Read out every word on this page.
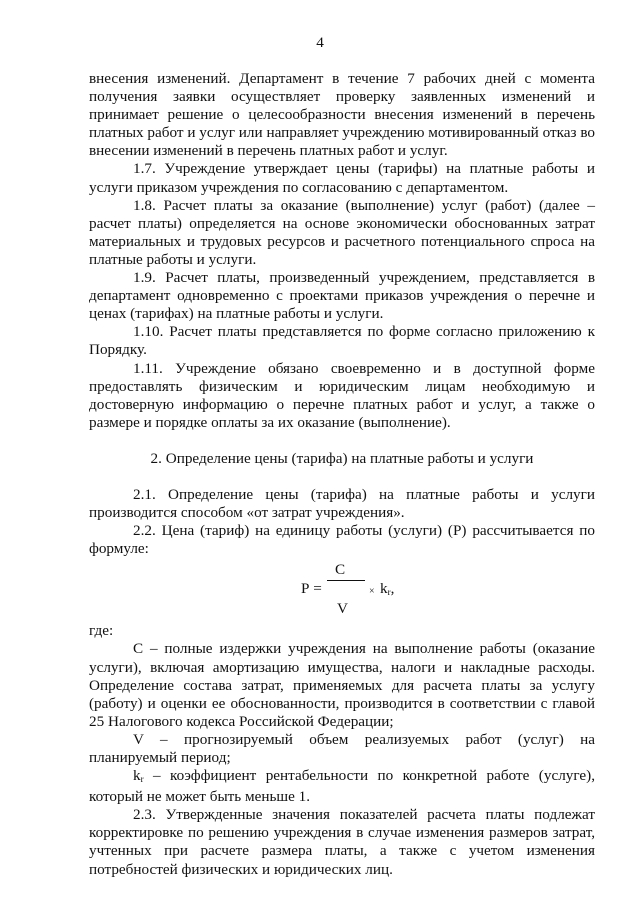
4

внесения изменений. Департамент в течение 7 рабочих дней с момента получения заявки осуществляет проверку заявленных изменений и принимает решение о целесообразности внесения изменений в перечень платных работ и услуг или направляет учреждению мотивированный отказ во внесении изменений в перечень платных работ и услуг.

1.7. Учреждение утверждает цены (тарифы) на платные работы и услуги приказом учреждения по согласованию с департаментом.

1.8. Расчет платы за оказание (выполнение) услуг (работ) (далее – расчет платы) определяется на основе экономически обоснованных затрат материальных и трудовых ресурсов и расчетного потенциального спроса на платные работы и услуги.

1.9. Расчет платы, произведенный учреждением, представляется в департамент одновременно с проектами приказов учреждения о перечне и ценах (тарифах) на платные работы и услуги.

1.10. Расчет платы представляется по форме согласно приложению к Порядку.

1.11. Учреждение обязано своевременно и в доступной форме предоставлять физическим и юридическим лицам необходимую и достоверную информацию о перечне платных работ и услуг, а также о размере и порядке оплаты за их оказание (выполнение).

2. Определение цены (тарифа) на платные работы и услуги

2.1. Определение цены (тарифа) на платные работы и услуги производится способом «от затрат учреждения».

2.2. Цена (тариф) на единицу работы (услуги) (Р) рассчитывается по формуле:

Р =
С
× $k_r$,
V

где:

С – полные издержки учреждения на выполнение работы (оказание услуги), включая амортизацию имущества, налоги и накладные расходы. Определение состава затрат, применяемых для расчета платы за услугу (работу) и оценки ее обоснованности, производится в соответствии с главой 25 Налогового кодекса Российской Федерации;

V – прогнозируемый объем реализуемых работ (услуг) на планируемый период;

$k_r$ – коэффициент рентабельности по конкретной работе (услуге), который не может быть меньше 1.

2.3. Утвержденные значения показателей расчета платы подлежат корректировке по решению учреждения в случае изменения размеров затрат, учтенных при расчете размера платы, а также с учетом изменения потребностей физических и юридических лиц.
